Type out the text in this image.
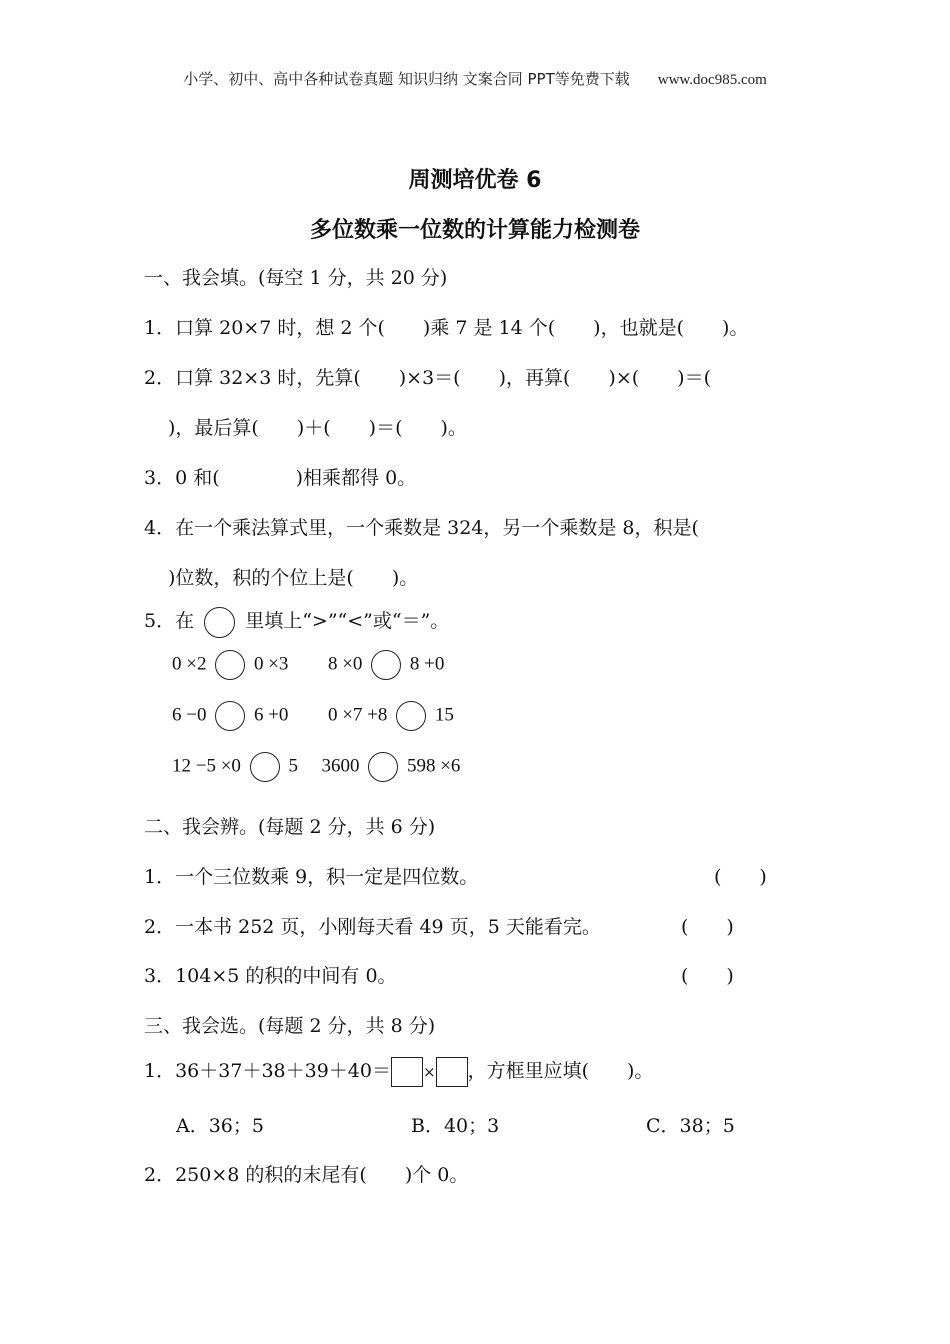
小学、初中、高中各种试卷真题 知识归纳 文案合同 PPT等免费下载 www.doc985.com
周测培优卷 6
多位数乘一位数的计算能力检测卷
一、我会填。(每空 1 分，共 20 分)
1．口算 20×7 时，想 2 个(　　)乘 7 是 14 个(　　)，也就是(　　)。
2．口算 32×3 时，先算(　　)×3＝(　　)，再算(　　)×(　　)＝(
)，最后算(　　)＋(　　)＝(　　)。
3．0 和(　　　　)相乘都得 0。
4．在一个乘法算式里，一个乘数是 324，另一个乘数是 8，积是(
)位数，积的个位上是(　　)。
5．在	里填上“>”“<”或“＝”。
0 ×2	0 ×3 8 ×0	8 +0
6 −0	6 +0 0 ×7 +8	15
12 −5 ×0	5 3600	598 ×6
二、我会辨。(每题 2 分，共 6 分)
1．一个三位数乘 9，积一定是四位数。	(　　)
2．一本书 252 页，小刚每天看 49 页，5 天能看完。	(　　)
3．104×5 的积的中间有 0。	(　　)
三、我会选。(每题 2 分，共 8 分)
1．36＋37＋38＋39＋40＝ × ，方框里应填(　　)。
A．36；5	B．40；3	C．38；5
2．250×8 的积的末尾有(　　)个 0。
